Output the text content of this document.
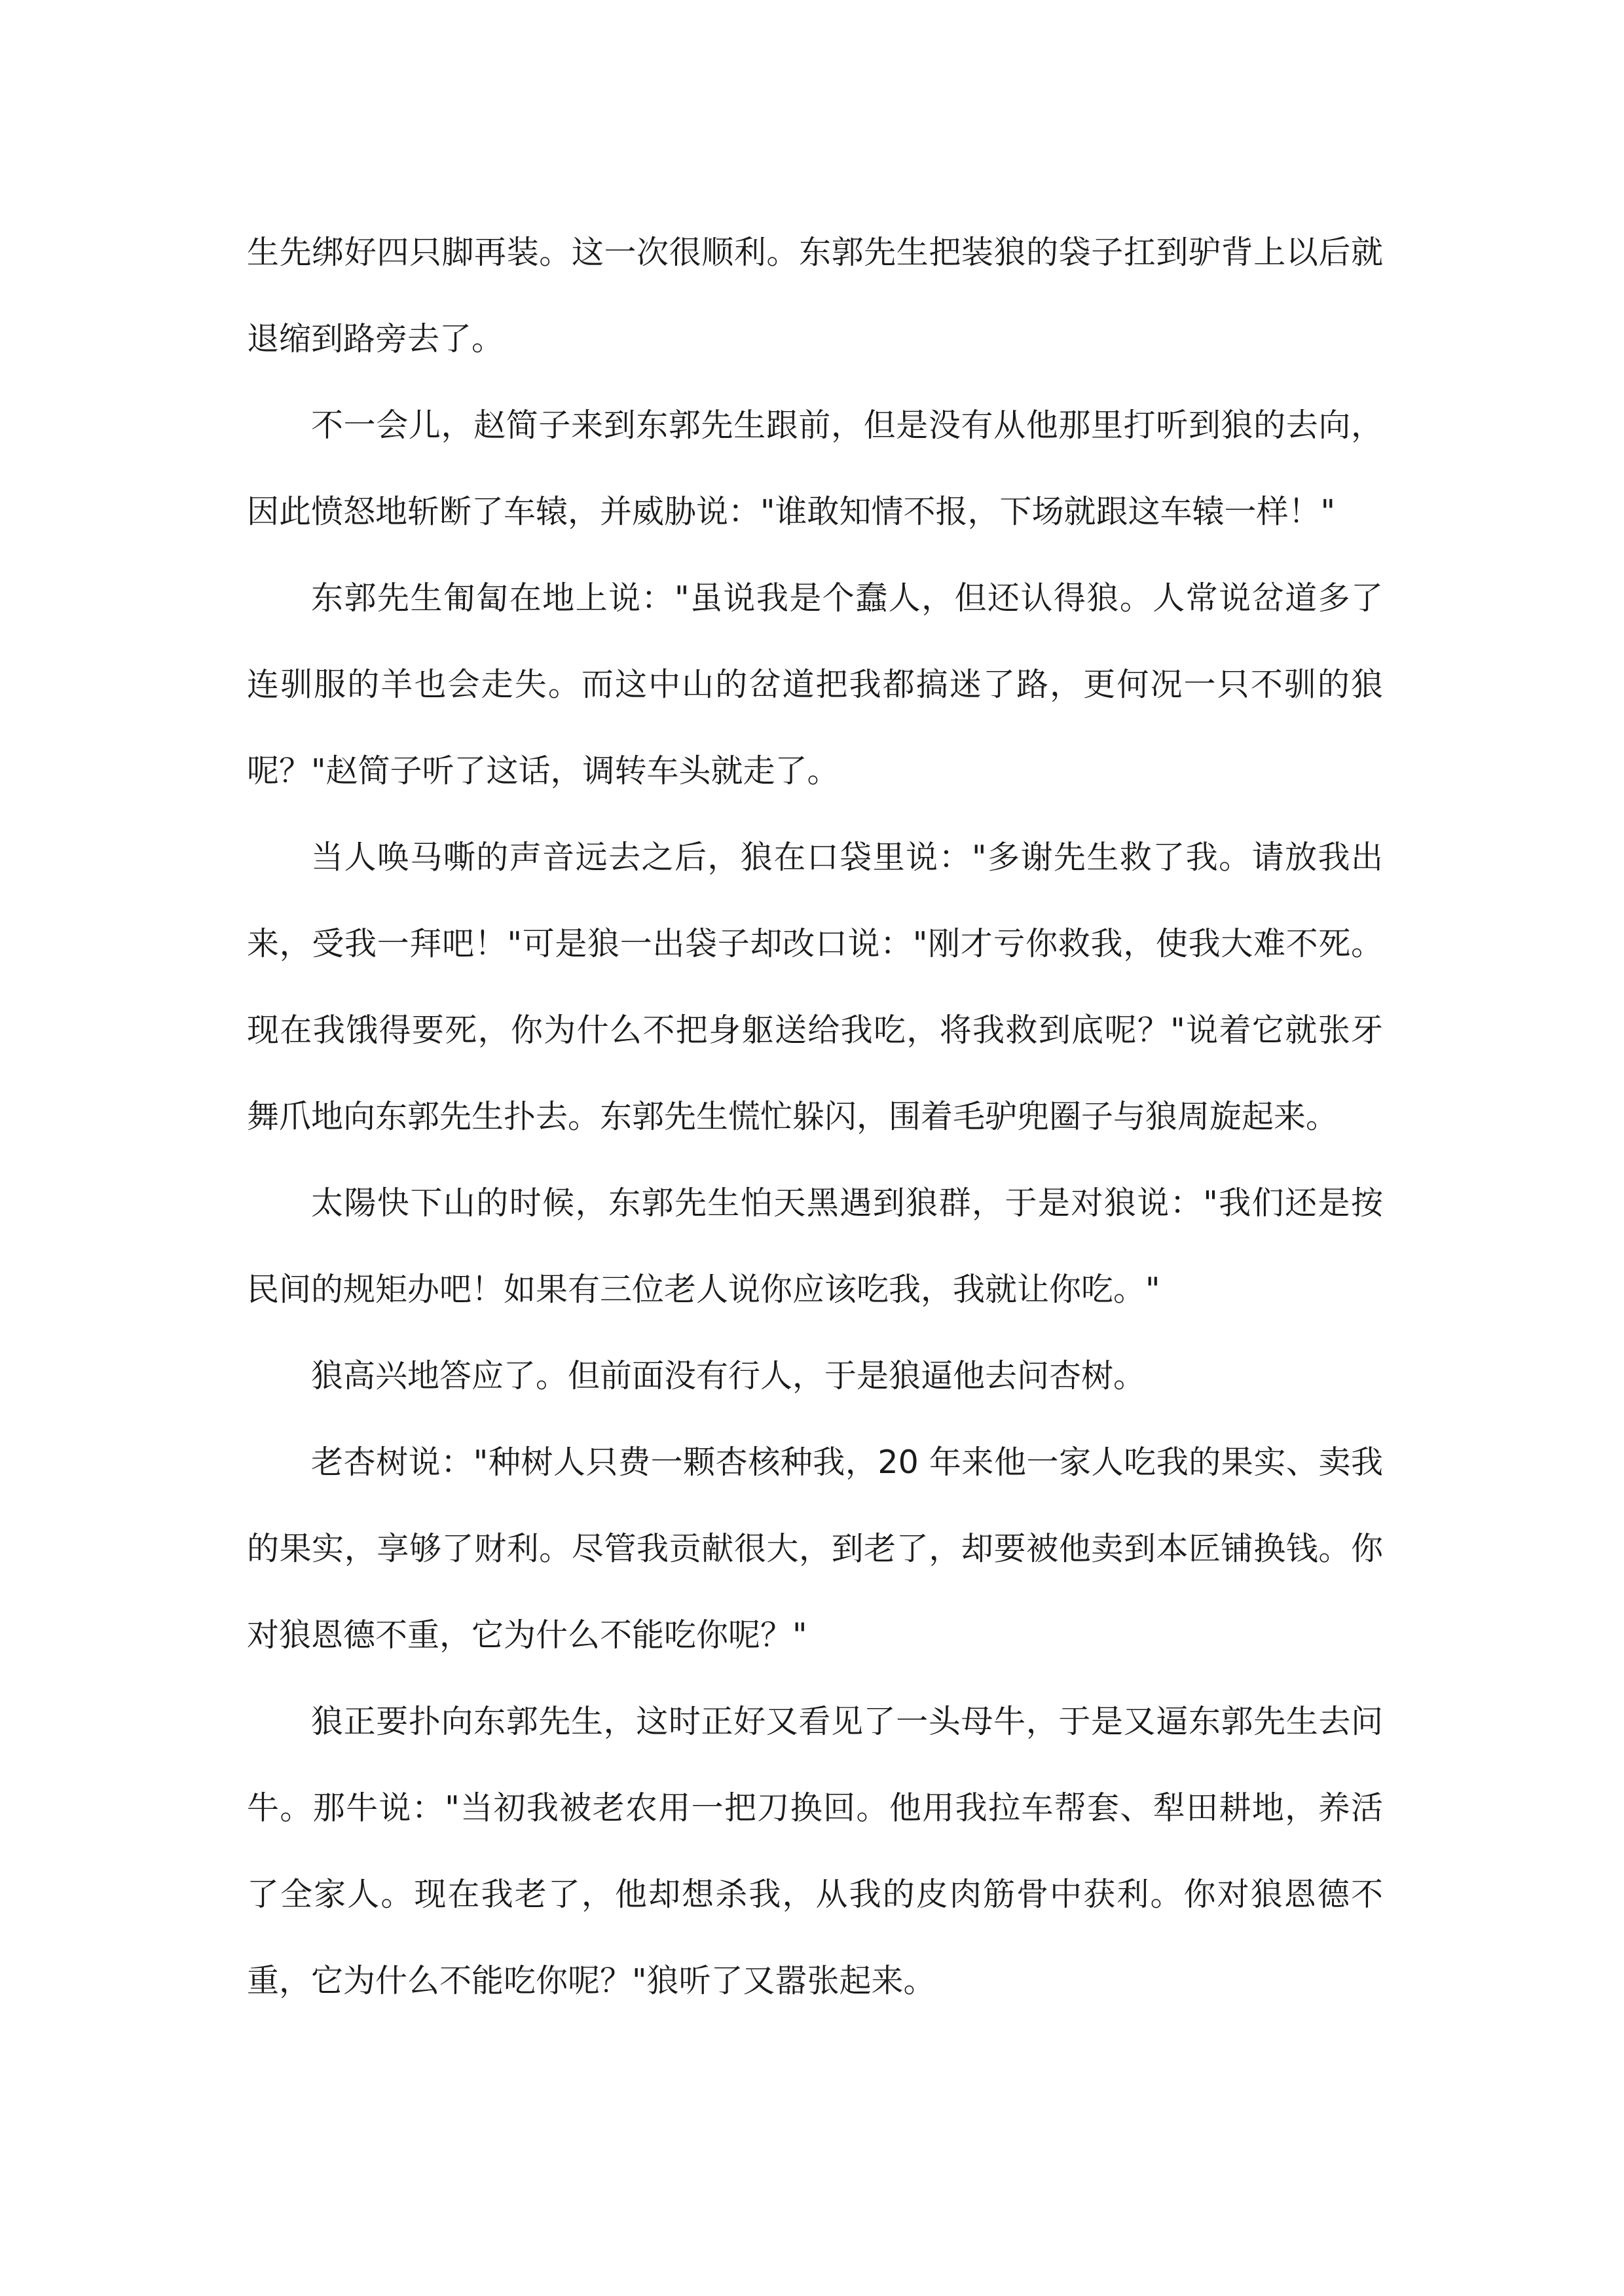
生先绑好四只脚再装。这一次很顺利。东郭先生把装狼的袋子扛到驴背上以后就退缩到路旁去了。

不一会儿，赵简子来到东郭先生跟前，但是没有从他那里打听到狼的去向，因此愤怒地斩断了车辕，并威胁说："谁敢知情不报，下场就跟这车辕一样！"

东郭先生匍匐在地上说："虽说我是个蠢人，但还认得狼。人常说岔道多了连驯服的羊也会走失。而这中山的岔道把我都搞迷了路，更何况一只不驯的狼呢？"赵简子听了这话，调转车头就走了。

当人唤马嘶的声音远去之后，狼在口袋里说："多谢先生救了我。请放我出来，受我一拜吧！"可是狼一出袋子却改口说："刚才亏你救我，使我大难不死。现在我饿得要死，你为什么不把身躯送给我吃，将我救到底呢？"说着它就张牙舞爪地向东郭先生扑去。东郭先生慌忙躲闪，围着毛驴兜圈子与狼周旋起来。

太陽快下山的时候，东郭先生怕天黑遇到狼群，于是对狼说："我们还是按民间的规矩办吧！如果有三位老人说你应该吃我，我就让你吃。"

狼高兴地答应了。但前面没有行人，于是狼逼他去问杏树。

老杏树说："种树人只费一颗杏核种我，20 年来他一家人吃我的果实、卖我的果实，享够了财利。尽管我贡献很大，到老了，却要被他卖到本匠铺换钱。你对狼恩德不重，它为什么不能吃你呢？"

狼正要扑向东郭先生，这时正好又看见了一头母牛，于是又逼东郭先生去问牛。那牛说："当初我被老农用一把刀换回。他用我拉车帮套、犁田耕地，养活了全家人。现在我老了，他却想杀我，从我的皮肉筋骨中获利。你对狼恩德不重，它为什么不能吃你呢？"狼听了又嚣张起来。
